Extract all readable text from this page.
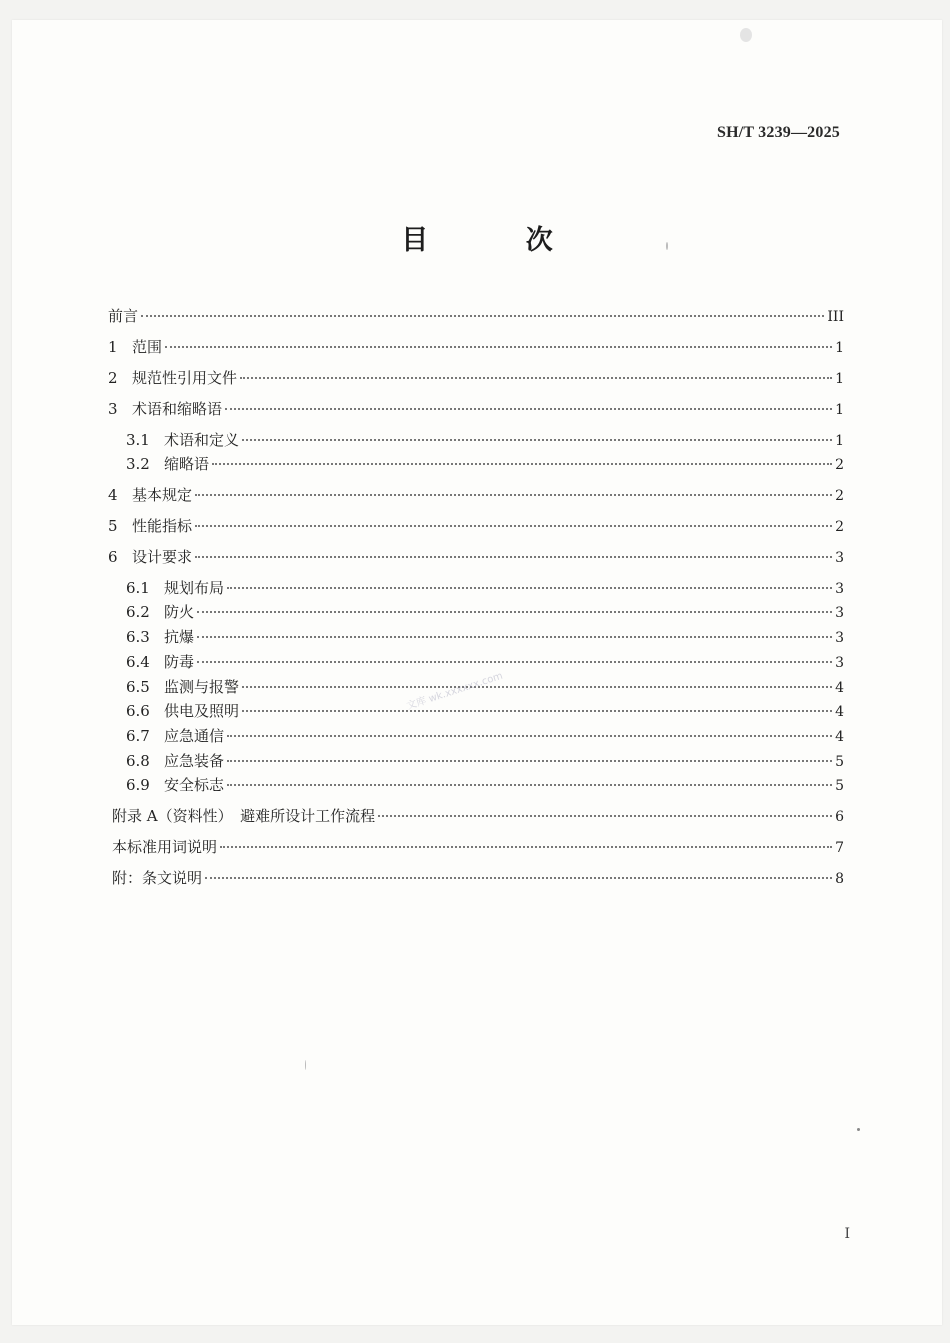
SH/T 3239—2025
目 次
前言	III
1 范围	1
2 规范性引用文件	1
3 术语和缩略语	1
3.1 术语和定义	1
3.2 缩略语	2
4 基本规定	2
5 性能指标	2
6 设计要求	3
6.1 规划布局	3
6.2 防火	3
6.3 抗爆	3
6.4 防毒	3
6.5 监测与报警	4
6.6 供电及照明	4
6.7 应急通信	4
6.8 应急装备	5
6.9 安全标志	5
附录 A（资料性）　避难所设计工作流程	6
本标准用词说明	7
附：条文说明	8
文库 wk.xxxxxx.com
I
